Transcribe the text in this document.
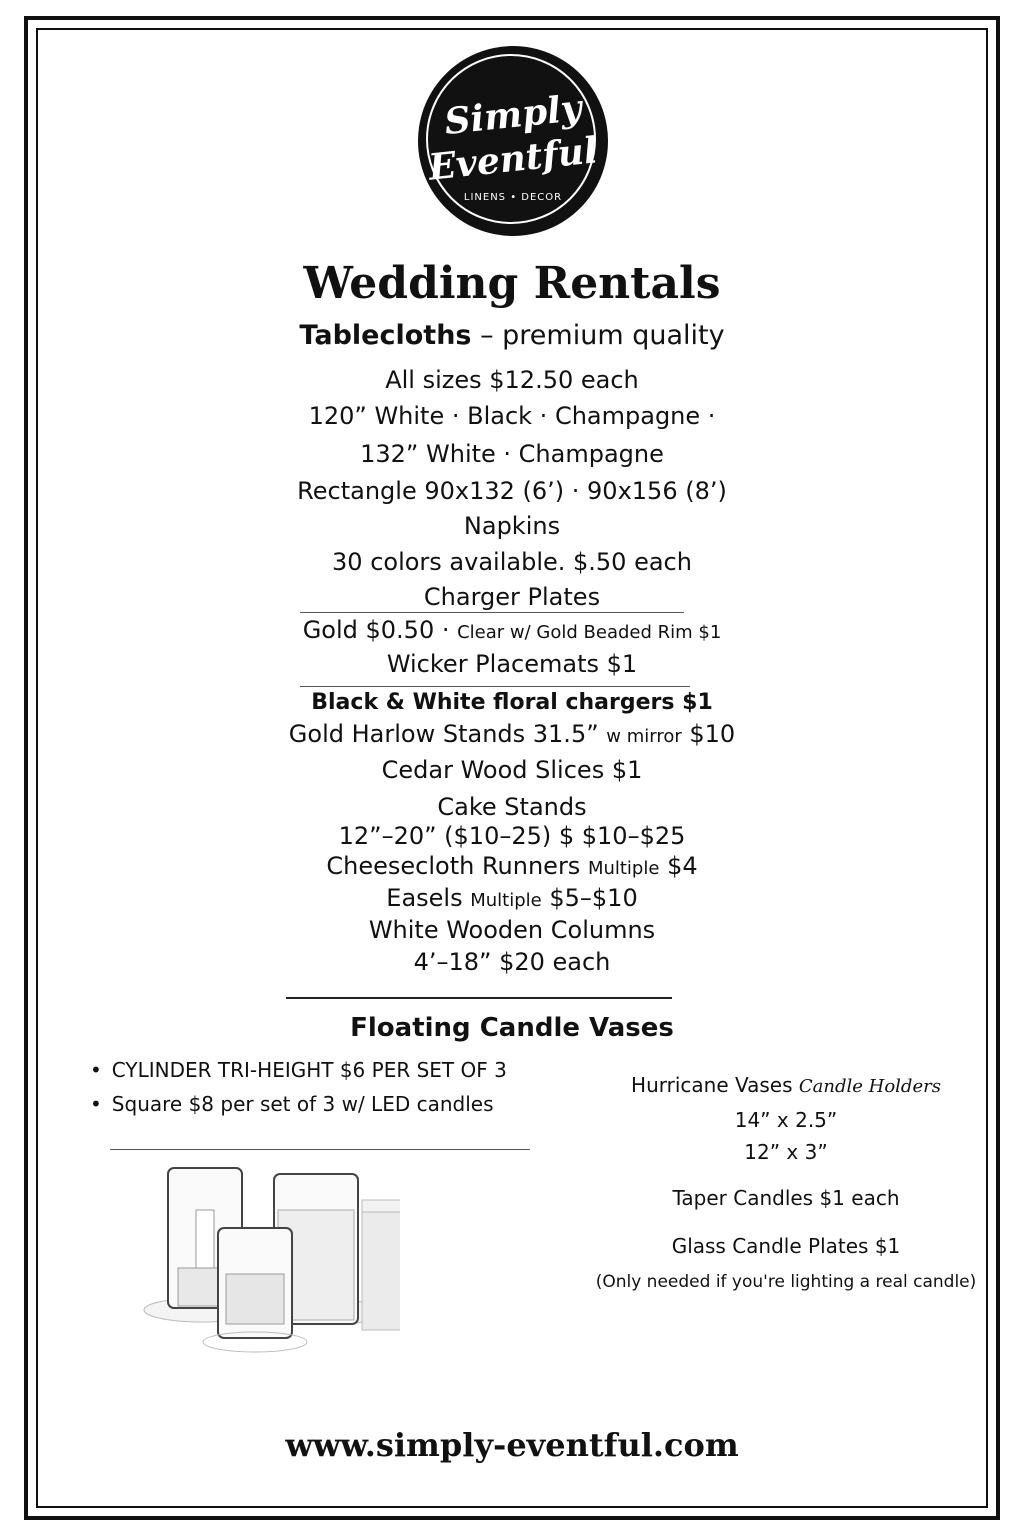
Simply
Eventful
LINENS • DECOR
Wedding Rentals
Tablecloths – premium quality
All sizes $12.50 each
120” White · Black · Champagne ·
132” White · Champagne
Rectangle 90x132 (6’) · 90x156 (8’)
Napkins
30 colors available. $.50 each
Charger Plates
Gold $0.50 · Clear w/ Gold Beaded Rim $1
Wicker Placemats $1
Black & White floral chargers $1
Gold Harlow Stands 31.5” w mirror $10
Cedar Wood Slices $1
Cake Stands
12”–20” ($10–25) $ $10–$25
Cheesecloth Runners Multiple $4
Easels Multiple $5–$10
White Wooden Columns
4’–18” $20 each
Floating Candle Vases
• CYLINDER TRI-HEIGHT $6 PER SET OF 3
• Square $8 per set of 3 w/ LED candles
Hurricane Vases Candle Holders
14” x 2.5”
12” x 3”
Taper Candles $1 each
Glass Candle Plates $1
(Only needed if you're lighting a real candle)
www.simply-eventful.com
